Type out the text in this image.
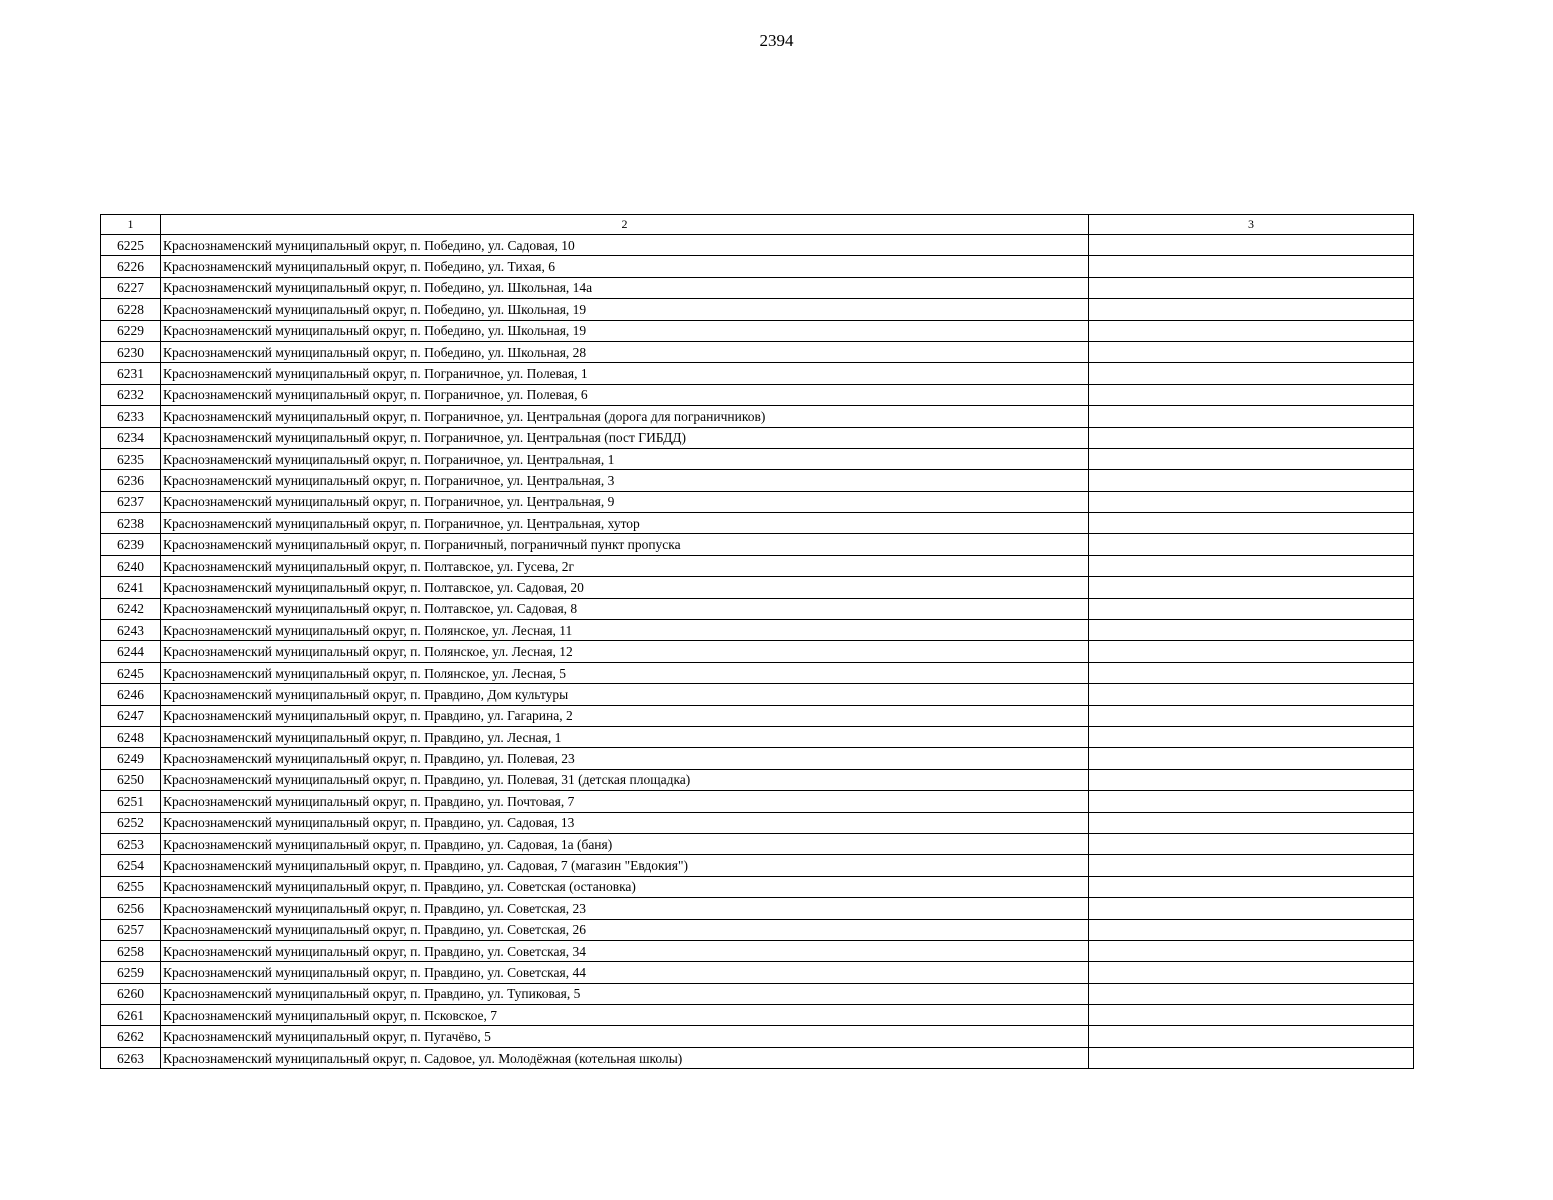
2394
1	2	3
6225	Краснознаменский муниципальный округ, п. Победино, ул. Садовая, 10	
6226	Краснознаменский муниципальный округ, п. Победино, ул. Тихая, 6	
6227	Краснознаменский муниципальный округ, п. Победино, ул. Школьная, 14а	
6228	Краснознаменский муниципальный округ, п. Победино, ул. Школьная, 19	
6229	Краснознаменский муниципальный округ, п. Победино, ул. Школьная, 19	
6230	Краснознаменский муниципальный округ, п. Победино, ул. Школьная, 28	
6231	Краснознаменский муниципальный округ, п. Пограничное, ул. Полевая, 1	
6232	Краснознаменский муниципальный округ, п. Пограничное, ул. Полевая, 6	
6233	Краснознаменский муниципальный округ, п. Пограничное, ул. Центральная (дорога для пограничников)	
6234	Краснознаменский муниципальный округ, п. Пограничное, ул. Центральная (пост ГИБДД)	
6235	Краснознаменский муниципальный округ, п. Пограничное, ул. Центральная, 1	
6236	Краснознаменский муниципальный округ, п. Пограничное, ул. Центральная, 3	
6237	Краснознаменский муниципальный округ, п. Пограничное, ул. Центральная, 9	
6238	Краснознаменский муниципальный округ, п. Пограничное, ул. Центральная, хутор	
6239	Краснознаменский муниципальный округ, п. Пограничный, пограничный пункт пропуска	
6240	Краснознаменский муниципальный округ, п. Полтавское, ул. Гусева, 2г	
6241	Краснознаменский муниципальный округ, п. Полтавское, ул. Садовая, 20	
6242	Краснознаменский муниципальный округ, п. Полтавское, ул. Садовая, 8	
6243	Краснознаменский муниципальный округ, п. Полянское, ул. Лесная, 11	
6244	Краснознаменский муниципальный округ, п. Полянское, ул. Лесная, 12	
6245	Краснознаменский муниципальный округ, п. Полянское, ул. Лесная, 5	
6246	Краснознаменский муниципальный округ, п. Правдино, Дом культуры	
6247	Краснознаменский муниципальный округ, п. Правдино, ул. Гагарина, 2	
6248	Краснознаменский муниципальный округ, п. Правдино, ул. Лесная, 1	
6249	Краснознаменский муниципальный округ, п. Правдино, ул. Полевая, 23	
6250	Краснознаменский муниципальный округ, п. Правдино, ул. Полевая, 31 (детская площадка)	
6251	Краснознаменский муниципальный округ, п. Правдино, ул. Почтовая, 7	
6252	Краснознаменский муниципальный округ, п. Правдино, ул. Садовая, 13	
6253	Краснознаменский муниципальный округ, п. Правдино, ул. Садовая, 1а (баня)	
6254	Краснознаменский муниципальный округ, п. Правдино, ул. Садовая, 7 (магазин "Евдокия")	
6255	Краснознаменский муниципальный округ, п. Правдино, ул. Советская (остановка)	
6256	Краснознаменский муниципальный округ, п. Правдино, ул. Советская, 23	
6257	Краснознаменский муниципальный округ, п. Правдино, ул. Советская, 26	
6258	Краснознаменский муниципальный округ, п. Правдино, ул. Советская, 34	
6259	Краснознаменский муниципальный округ, п. Правдино, ул. Советская, 44	
6260	Краснознаменский муниципальный округ, п. Правдино, ул. Тупиковая, 5	
6261	Краснознаменский муниципальный округ, п. Псковское, 7	
6262	Краснознаменский муниципальный округ, п. Пугачёво, 5	
6263	Краснознаменский муниципальный округ, п. Садовое, ул. Молодёжная (котельная школы)	
